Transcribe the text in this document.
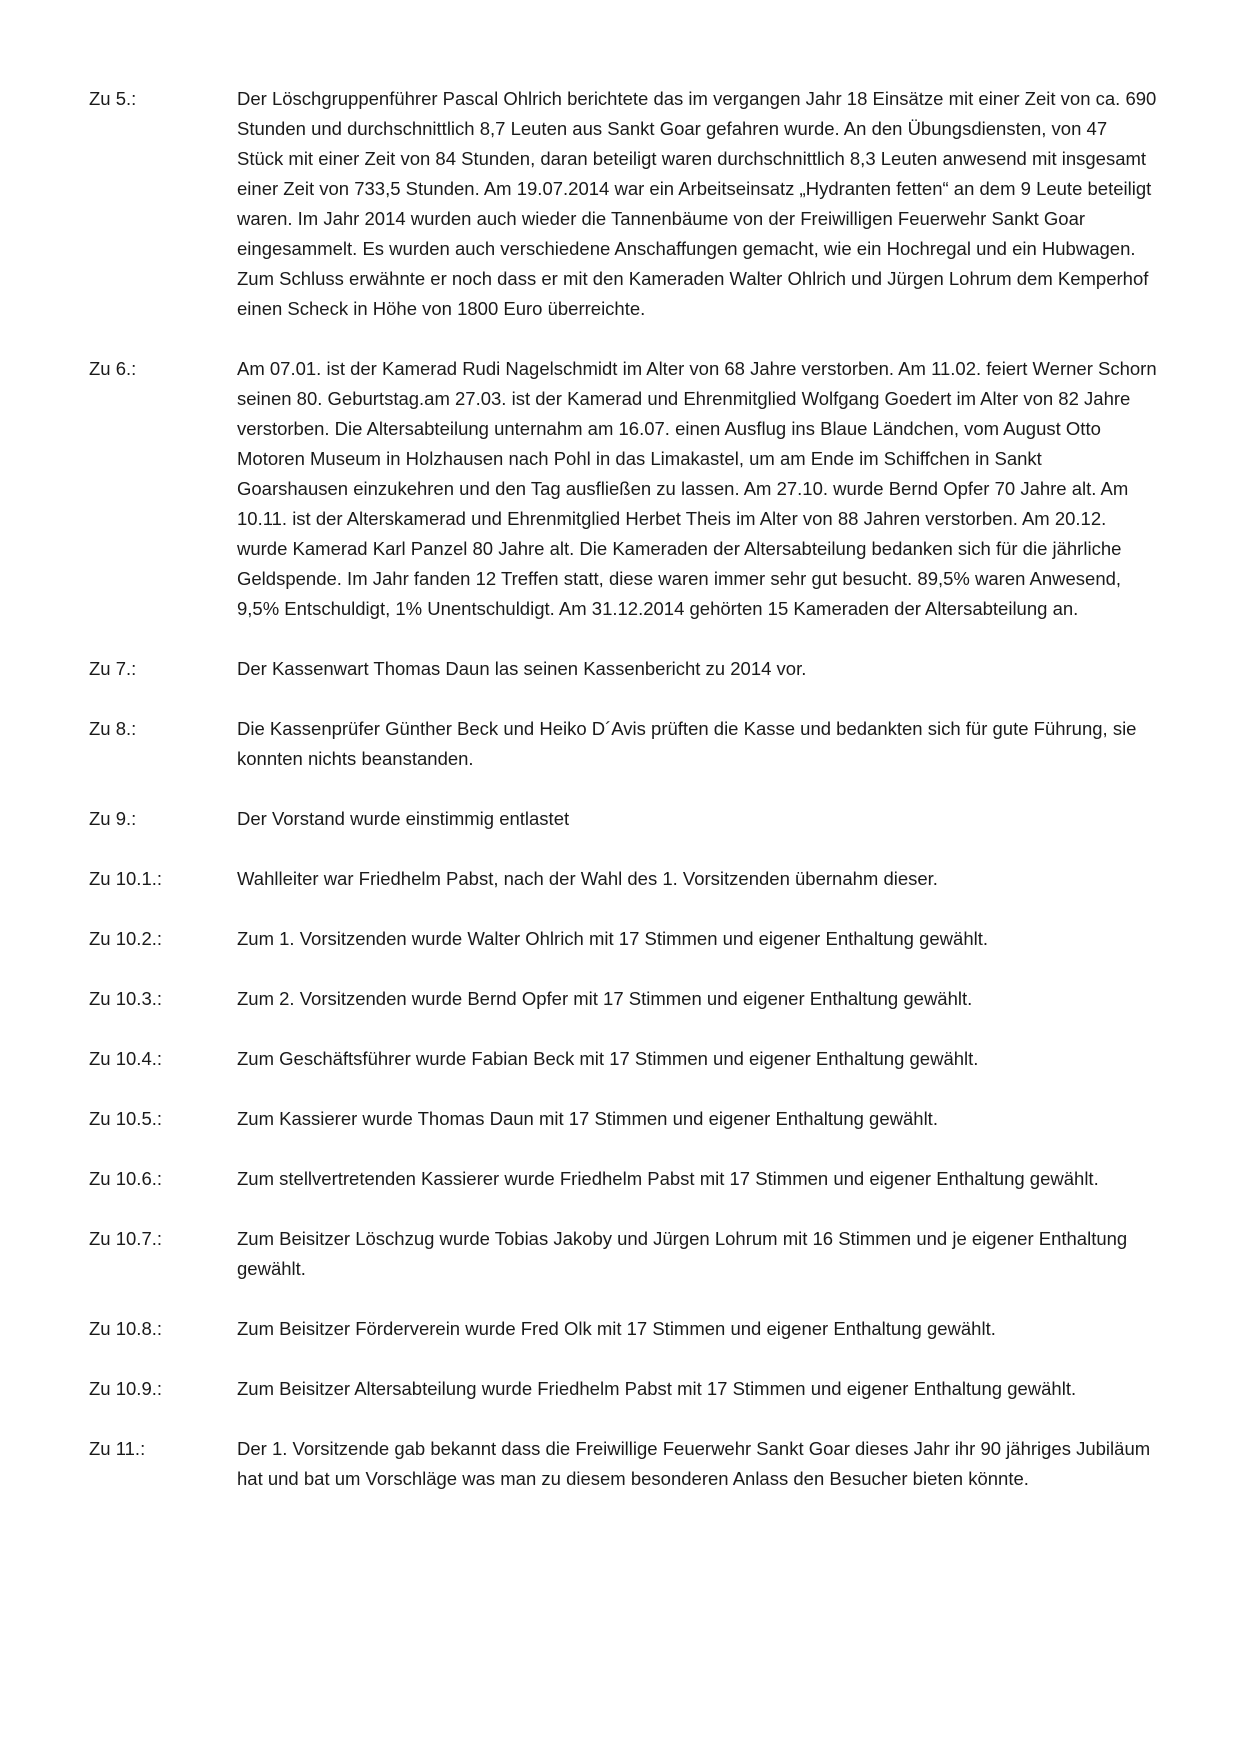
Zu 5.:	Der Löschgruppenführer Pascal Ohlrich berichtete das im vergangen Jahr 18 Einsätze mit einer Zeit von ca. 690 Stunden und durchschnittlich 8,7 Leuten aus Sankt Goar gefahren wurde. An den Übungsdiensten, von 47 Stück mit einer Zeit von 84 Stunden, daran beteiligt waren durchschnittlich 8,3 Leuten anwesend mit insgesamt einer Zeit von 733,5 Stunden. Am 19.07.2014 war ein Arbeitseinsatz „Hydranten fetten“ an dem 9 Leute beteiligt waren. Im Jahr 2014 wurden auch wieder die Tannenbäume von der Freiwilligen Feuerwehr Sankt Goar eingesammelt. Es wurden auch verschiedene Anschaffungen gemacht, wie ein Hochregal und ein Hubwagen. Zum Schluss erwähnte er noch dass er mit den Kameraden Walter Ohlrich und Jürgen Lohrum dem Kemperhof einen Scheck in Höhe von 1800 Euro überreichte.
Zu 6.:	Am 07.01. ist der Kamerad Rudi Nagelschmidt im Alter von 68 Jahre verstorben. Am 11.02. feiert Werner Schorn seinen 80. Geburtstag.am 27.03. ist der Kamerad und Ehrenmitglied Wolfgang Goedert im Alter von 82 Jahre verstorben. Die Altersabteilung unternahm am 16.07. einen Ausflug ins Blaue Ländchen, vom August Otto Motoren Museum in Holzhausen nach Pohl in das Limakastel, um am Ende im Schiffchen in Sankt Goarshausen einzukehren und den Tag ausfließen zu lassen. Am 27.10. wurde Bernd Opfer 70 Jahre alt. Am 10.11. ist der Alterskamerad und Ehrenmitglied Herbet Theis im Alter von 88 Jahren verstorben. Am 20.12. wurde Kamerad Karl Panzel 80 Jahre alt. Die Kameraden der Altersabteilung bedanken sich für die jährliche Geldspende. Im Jahr fanden 12 Treffen statt, diese waren immer sehr gut besucht. 89,5% waren Anwesend, 9,5% Entschuldigt, 1% Unentschuldigt. Am 31.12.2014 gehörten 15 Kameraden der Altersabteilung an.
Zu 7.:	Der Kassenwart Thomas Daun las seinen Kassenbericht zu 2014 vor.
Zu 8.:	Die Kassenprüfer Günther Beck und Heiko D´Avis prüften die Kasse und bedankten sich für gute Führung, sie konnten nichts beanstanden.
Zu 9.:	Der Vorstand wurde einstimmig entlastet
Zu 10.1.:	Wahlleiter war Friedhelm Pabst, nach der Wahl des 1. Vorsitzenden übernahm dieser.
Zu 10.2.:	Zum 1. Vorsitzenden wurde Walter Ohlrich mit 17 Stimmen und eigener Enthaltung gewählt.
Zu 10.3.:	Zum 2. Vorsitzenden wurde Bernd Opfer mit 17 Stimmen und eigener Enthaltung gewählt.
Zu 10.4.:	Zum Geschäftsführer wurde Fabian Beck mit 17 Stimmen und eigener Enthaltung gewählt.
Zu 10.5.:	Zum Kassierer wurde Thomas Daun mit 17 Stimmen und eigener Enthaltung gewählt.
Zu 10.6.:	Zum stellvertretenden Kassierer wurde Friedhelm Pabst mit 17 Stimmen und eigener Enthaltung gewählt.
Zu 10.7.:	Zum Beisitzer Löschzug wurde Tobias Jakoby und Jürgen Lohrum mit 16 Stimmen und je eigener Enthaltung gewählt.
Zu 10.8.:	Zum Beisitzer Förderverein wurde Fred Olk mit 17 Stimmen und eigener Enthaltung gewählt.
Zu 10.9.:	Zum Beisitzer Altersabteilung wurde Friedhelm Pabst mit 17 Stimmen und eigener Enthaltung gewählt.
Zu 11.:	Der 1. Vorsitzende gab bekannt dass die Freiwillige Feuerwehr Sankt Goar dieses Jahr ihr 90 jähriges Jubiläum hat und bat um Vorschläge was man zu diesem besonderen Anlass den Besucher bieten könnte.
